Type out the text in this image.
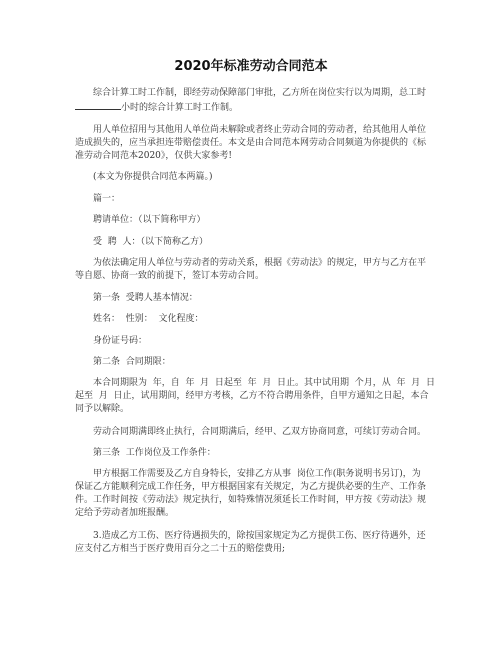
2020年标准劳动合同范本
综合计算工时工作制，即经劳动保障部门审批，乙方所在岗位实行以为周期，总工时
小时的综合计算工时工作制。
用人单位招用与其他用人单位尚未解除或者终止劳动合同的劳动者，给其他用人单位
造成损失的，应当承担连带赔偿责任。本文是由合同范本网劳动合同频道为你提供的《标
准劳动合同范本2020》，仅供大家参考!
(本文为你提供合同范本两篇。)
篇一：
聘请单位：（以下简称甲方）
受  聘  人：（以下简称乙方）
为依法确定用人单位与劳动者的劳动关系，根据《劳动法》的规定，甲方与乙方在平
等自愿、协商一致的前提下，签订本劳动合同。
第一条  受聘人基本情况：
姓名：  性别：  文化程度：
身份证号码：
第二条  合同期限：
本合同期限为  年，自  年  月  日起至  年  月  日止。其中试用期  个月，从  年  月  日
起至  月  日止，试用期间，经甲方考核，乙方不符合聘用条件，自甲方通知之日起，本合
同予以解除。
劳动合同期满即终止执行，合同期满后，经甲、乙双方协商同意，可续订劳动合同。
第三条  工作岗位及工作条件：
甲方根据工作需要及乙方自身特长，安排乙方从事  岗位工作(职务说明书另订)，为
保证乙方能顺利完成工作任务，甲方根据国家有关规定，为乙方提供必要的生产、工作条
件。工作时间按《劳动法》规定执行，如特殊情况须延长工作时间，甲方按《劳动法》规
定给予劳动者加班报酬。
3.造成乙方工伤、医疗待遇损失的，除按国家规定为乙方提供工伤、医疗待遇外，还
应支付乙方相当于医疗费用百分之二十五的赔偿费用;
